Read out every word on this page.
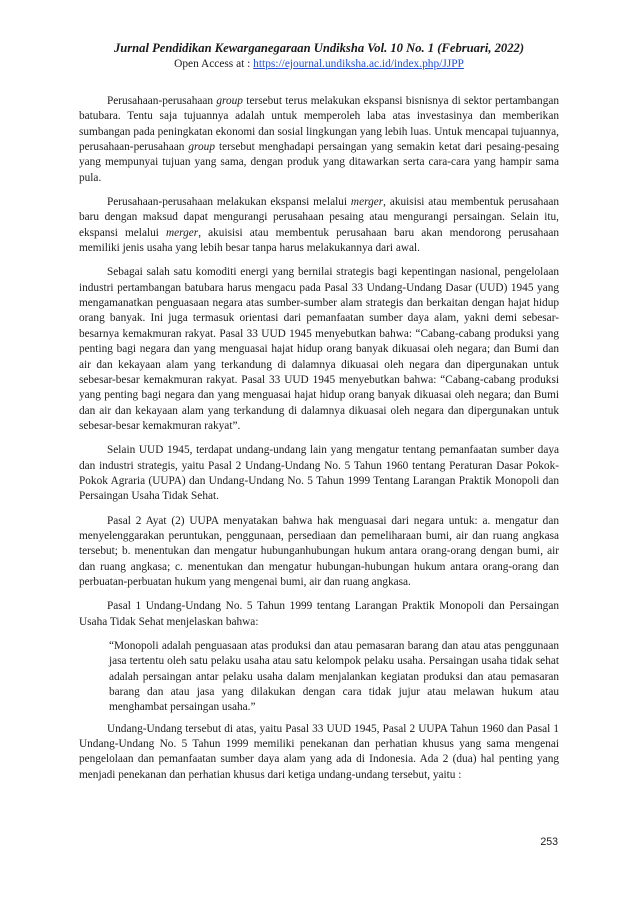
Jurnal Pendidikan Kewarganegaraan Undiksha Vol. 10 No. 1 (Februari, 2022)
Open Access at : https://ejournal.undiksha.ac.id/index.php/JJPP

Perusahaan-perusahaan group tersebut terus melakukan ekspansi bisnisnya di sektor pertambangan batubara. Tentu saja tujuannya adalah untuk memperoleh laba atas investasinya dan memberikan sumbangan pada peningkatan ekonomi dan sosial lingkungan yang lebih luas. Untuk mencapai tujuannya, perusahaan-perusahaan group tersebut menghadapi persaingan yang semakin ketat dari pesaing-pesaing yang mempunyai tujuan yang sama, dengan produk yang ditawarkan serta cara-cara yang hampir sama pula.

Perusahaan-perusahaan melakukan ekspansi melalui merger, akuisisi atau membentuk perusahaan baru dengan maksud dapat mengurangi perusahaan pesaing atau mengurangi persaingan. Selain itu, ekspansi melalui merger, akuisisi atau membentuk perusahaan baru akan mendorong perusahaan memiliki jenis usaha yang lebih besar tanpa harus melakukannya dari awal.

Sebagai salah satu komoditi energi yang bernilai strategis bagi kepentingan nasional, pengelolaan industri pertambangan batubara harus mengacu pada Pasal 33 Undang-Undang Dasar (UUD) 1945 yang mengamanatkan penguasaan negara atas sumber-sumber alam strategis dan berkaitan dengan hajat hidup orang banyak. Ini juga termasuk orientasi dari pemanfaatan sumber daya alam, yakni demi sebesar-besarnya kemakmuran rakyat. Pasal 33 UUD 1945 menyebutkan bahwa: “Cabang-cabang produksi yang penting bagi negara dan yang menguasai hajat hidup orang banyak dikuasai oleh negara; dan Bumi dan air dan kekayaan alam yang terkandung di dalamnya dikuasai oleh negara dan dipergunakan untuk sebesar-besar kemakmuran rakyat. Pasal 33 UUD 1945 menyebutkan bahwa: “Cabang-cabang produksi yang penting bagi negara dan yang menguasai hajat hidup orang banyak dikuasai oleh negara; dan Bumi dan air dan kekayaan alam yang terkandung di dalamnya dikuasai oleh negara dan dipergunakan untuk sebesar-besar kemakmuran rakyat”.

Selain UUD 1945, terdapat undang-undang lain yang mengatur tentang pemanfaatan sumber daya dan industri strategis, yaitu Pasal 2 Undang-Undang No. 5 Tahun 1960 tentang Peraturan Dasar Pokok-Pokok Agraria (UUPA) dan Undang-Undang No. 5 Tahun 1999 Tentang Larangan Praktik Monopoli dan Persaingan Usaha Tidak Sehat.

Pasal 2 Ayat (2) UUPA menyatakan bahwa hak menguasai dari negara untuk: a. mengatur dan menyelenggarakan peruntukan, penggunaan, persediaan dan pemeliharaan bumi, air dan ruang angkasa tersebut; b. menentukan dan mengatur hubunganhubungan hukum antara orang-orang dengan bumi, air dan ruang angkasa; c. menentukan dan mengatur hubungan-hubungan hukum antara orang-orang dan perbuatan-perbuatan hukum yang mengenai bumi, air dan ruang angkasa.

Pasal 1 Undang-Undang No. 5 Tahun 1999 tentang Larangan Praktik Monopoli dan Persaingan Usaha Tidak Sehat menjelaskan bahwa:

“Monopoli adalah penguasaan atas produksi dan atau pemasaran barang dan atau atas penggunaan jasa tertentu oleh satu pelaku usaha atau satu kelompok pelaku usaha. Persaingan usaha tidak sehat adalah persaingan antar pelaku usaha dalam menjalankan kegiatan produksi dan atau pemasaran barang dan atau jasa yang dilakukan dengan cara tidak jujur atau melawan hukum atau menghambat persaingan usaha.”

Undang-Undang tersebut di atas, yaitu Pasal 33 UUD 1945, Pasal 2 UUPA Tahun 1960 dan Pasal 1 Undang-Undang No. 5 Tahun 1999 memiliki penekanan dan perhatian khusus yang sama mengenai pengelolaan dan pemanfaatan sumber daya alam yang ada di Indonesia. Ada 2 (dua) hal penting yang menjadi penekanan dan perhatian khusus dari ketiga undang-undang tersebut, yaitu :

253
